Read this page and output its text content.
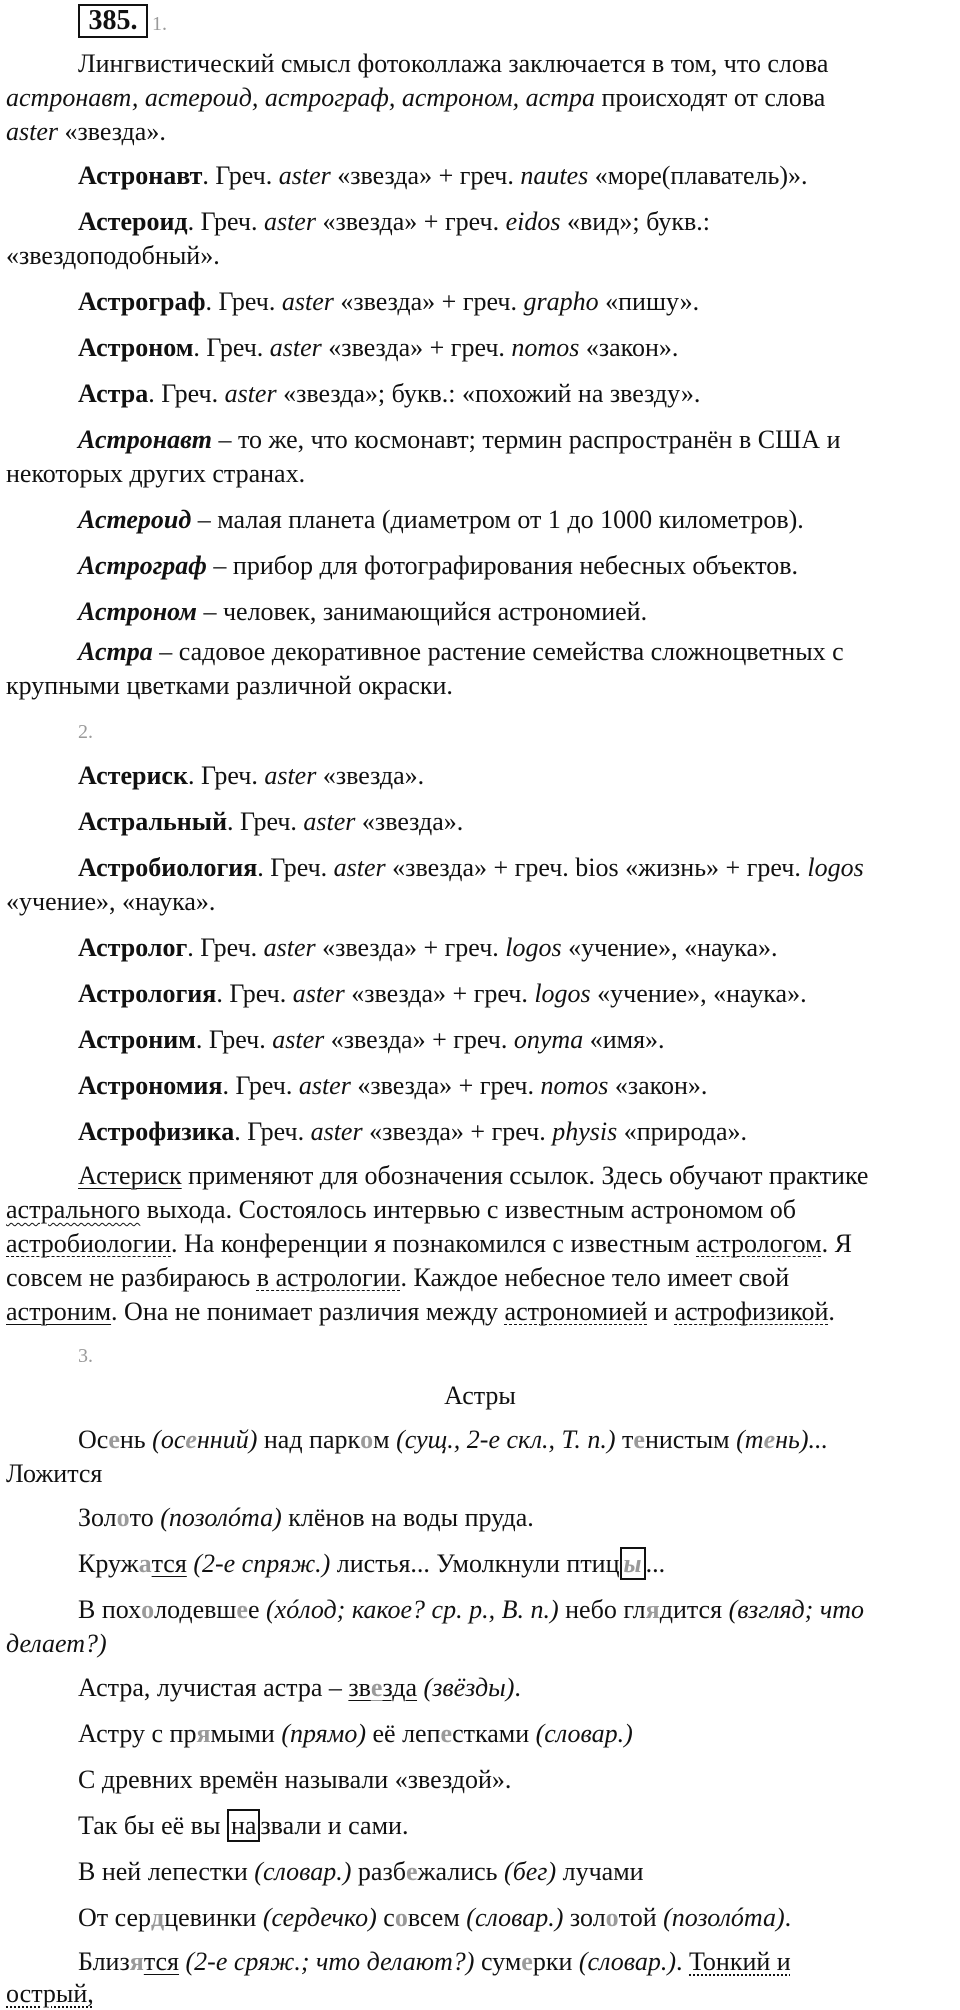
385. 1.
Лингвистический смысл фотоколлажа заключается в том, что слова
астронавт, астероид, астрограф, астроном, астра происходят от слова
aster «звезда».
Астронавт. Греч. aster «звезда» + греч. nautes «море(плаватель)».
Астероид. Греч. aster «звезда» + греч. eidos «вид»; букв.:
«звездоподобный».
Астрограф. Греч. aster «звезда» + греч. grapho «пишу».
Астроном. Греч. aster «звезда» + греч. nomos «закон».
Астра. Греч. aster «звезда»; букв.: «похожий на звезду».
Астронавт – то же, что космонавт; термин распространён в США и
некоторых других странах.
Астероид – малая планета (диаметром от 1 до 1000 километров).
Астрограф – прибор для фотографирования небесных объектов.
Астроном – человек, занимающийся астрономией.
Астра – садовое декоративное растение семейства сложноцветных с
крупными цветками различной окраски.
2.
Астериск. Греч. aster «звезда».
Астральный. Греч. aster «звезда».
Астробиология. Греч. aster «звезда» + греч. bios «жизнь» + греч. logos
«учение», «наука».
Астролог. Греч. aster «звезда» + греч. logos «учение», «наука».
Астрология. Греч. aster «звезда» + греч. logos «учение», «наука».
Астроним. Греч. aster «звезда» + греч. onyma «имя».
Астрономия. Греч. aster «звезда» + греч. nomos «закон».
Астрофизика. Греч. aster «звезда» + греч. physis «природа».
Астериск применяют для обозначения ссылок. Здесь обучают практике
астрального выхода. Состоялось интервью с известным астрономом об
астробиологии. На конференции я познакомился с известным астрологом. Я
совсем не разбираюсь в астрологии. Каждое небесное тело имеет свой
астроним. Она не понимает различия между астрономией и астрофизикой.
3.
Астры
Осень (осенний) над парком (сущ., 2-е скл., Т. п.) тенистым (тень)...
Ложится
Золото (позолóта) клёнов на воды пруда.
Кружатся (2-е спряж.) листья... Умолкнули птиц ы ...
В похолодевшее (хóлод; какое? ср. р., В. п.) небо глядится (взгляд; что
делает?)
Астра, лучистая астра – звезда (звёзды).
Астру с прямыми (прямо) её лепестками (словар.)
С древних времён называли «звездой».
Так бы её вы на звали и сами.
В ней лепестки (словар.) разбежались (бег) лучами
От сердцевинки (сердечко) совсем (словар.) золотой (позолóта).
Близятся (2-е сряж.; что делают?) сумерки (словар.). Тонкий и
острый,
